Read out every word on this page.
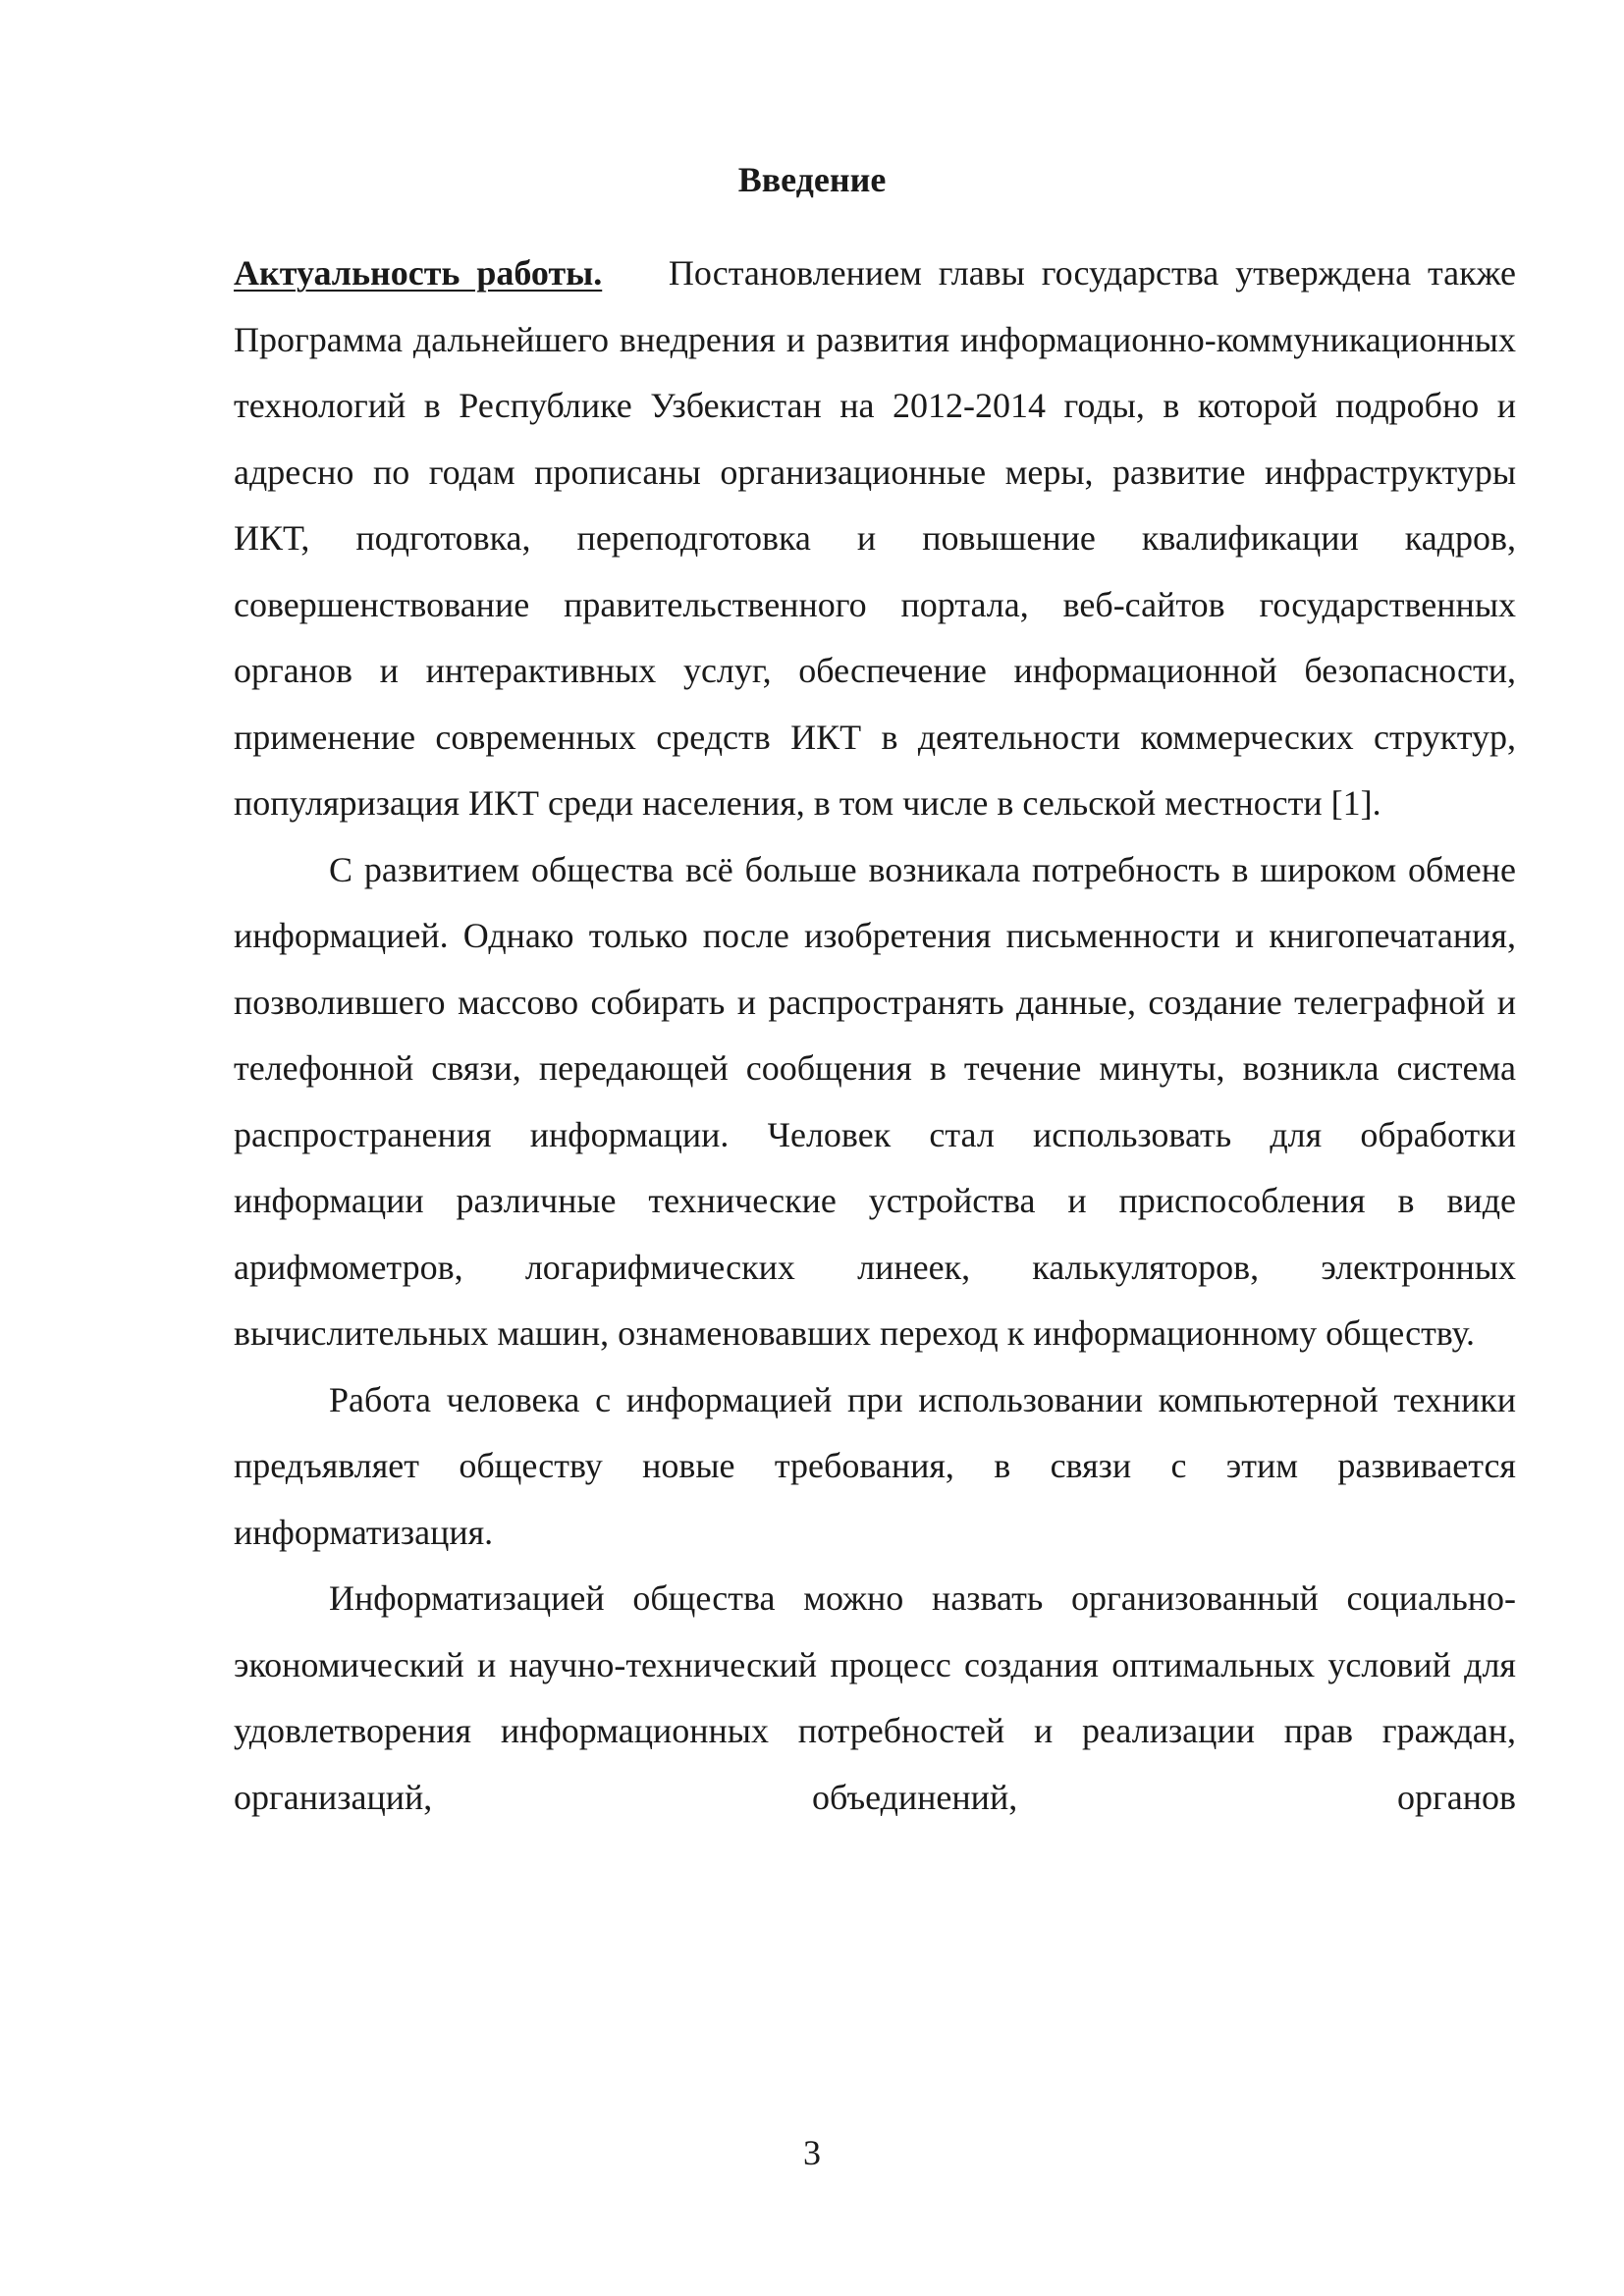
Введение

Актуальность работы. Постановлением главы государства утверждена также Программа дальнейшего внедрения и развития информационно-коммуникационных технологий в Республике Узбекистан на 2012-2014 годы, в которой подробно и адресно по годам прописаны организационные меры, развитие инфраструктуры ИКТ, подготовка, переподготовка и повышение квалификации кадров, совершенствование правительственного портала, веб-сайтов государственных органов и интерактивных услуг, обеспечение информационной безопасности, применение современных средств ИКТ в деятельности коммерческих структур, популяризация ИКТ среди населения, в том числе в сельской местности [1].

С развитием общества всё больше возникала потребность в широком обмене информацией. Однако только после изобретения письменности и книгопечатания, позволившего массово собирать и распространять данные, создание телеграфной и телефонной связи, передающей сообщения в течение минуты, возникла система распространения информации. Человек стал использовать для обработки информации различные технические устройства и приспособления в виде арифмометров, логарифмических линеек, калькуляторов, электронных вычислительных машин, ознаменовавших переход к информационному обществу.

Работа человека с информацией при использовании компьютерной техники предъявляет обществу новые требования, в связи с этим развивается информатизация.

Информатизацией общества можно назвать организованный социально-экономический и научно-технический процесс создания оптимальных условий для удовлетворения информационных потребностей и реализации прав граждан, организаций, объединений, органов

3
